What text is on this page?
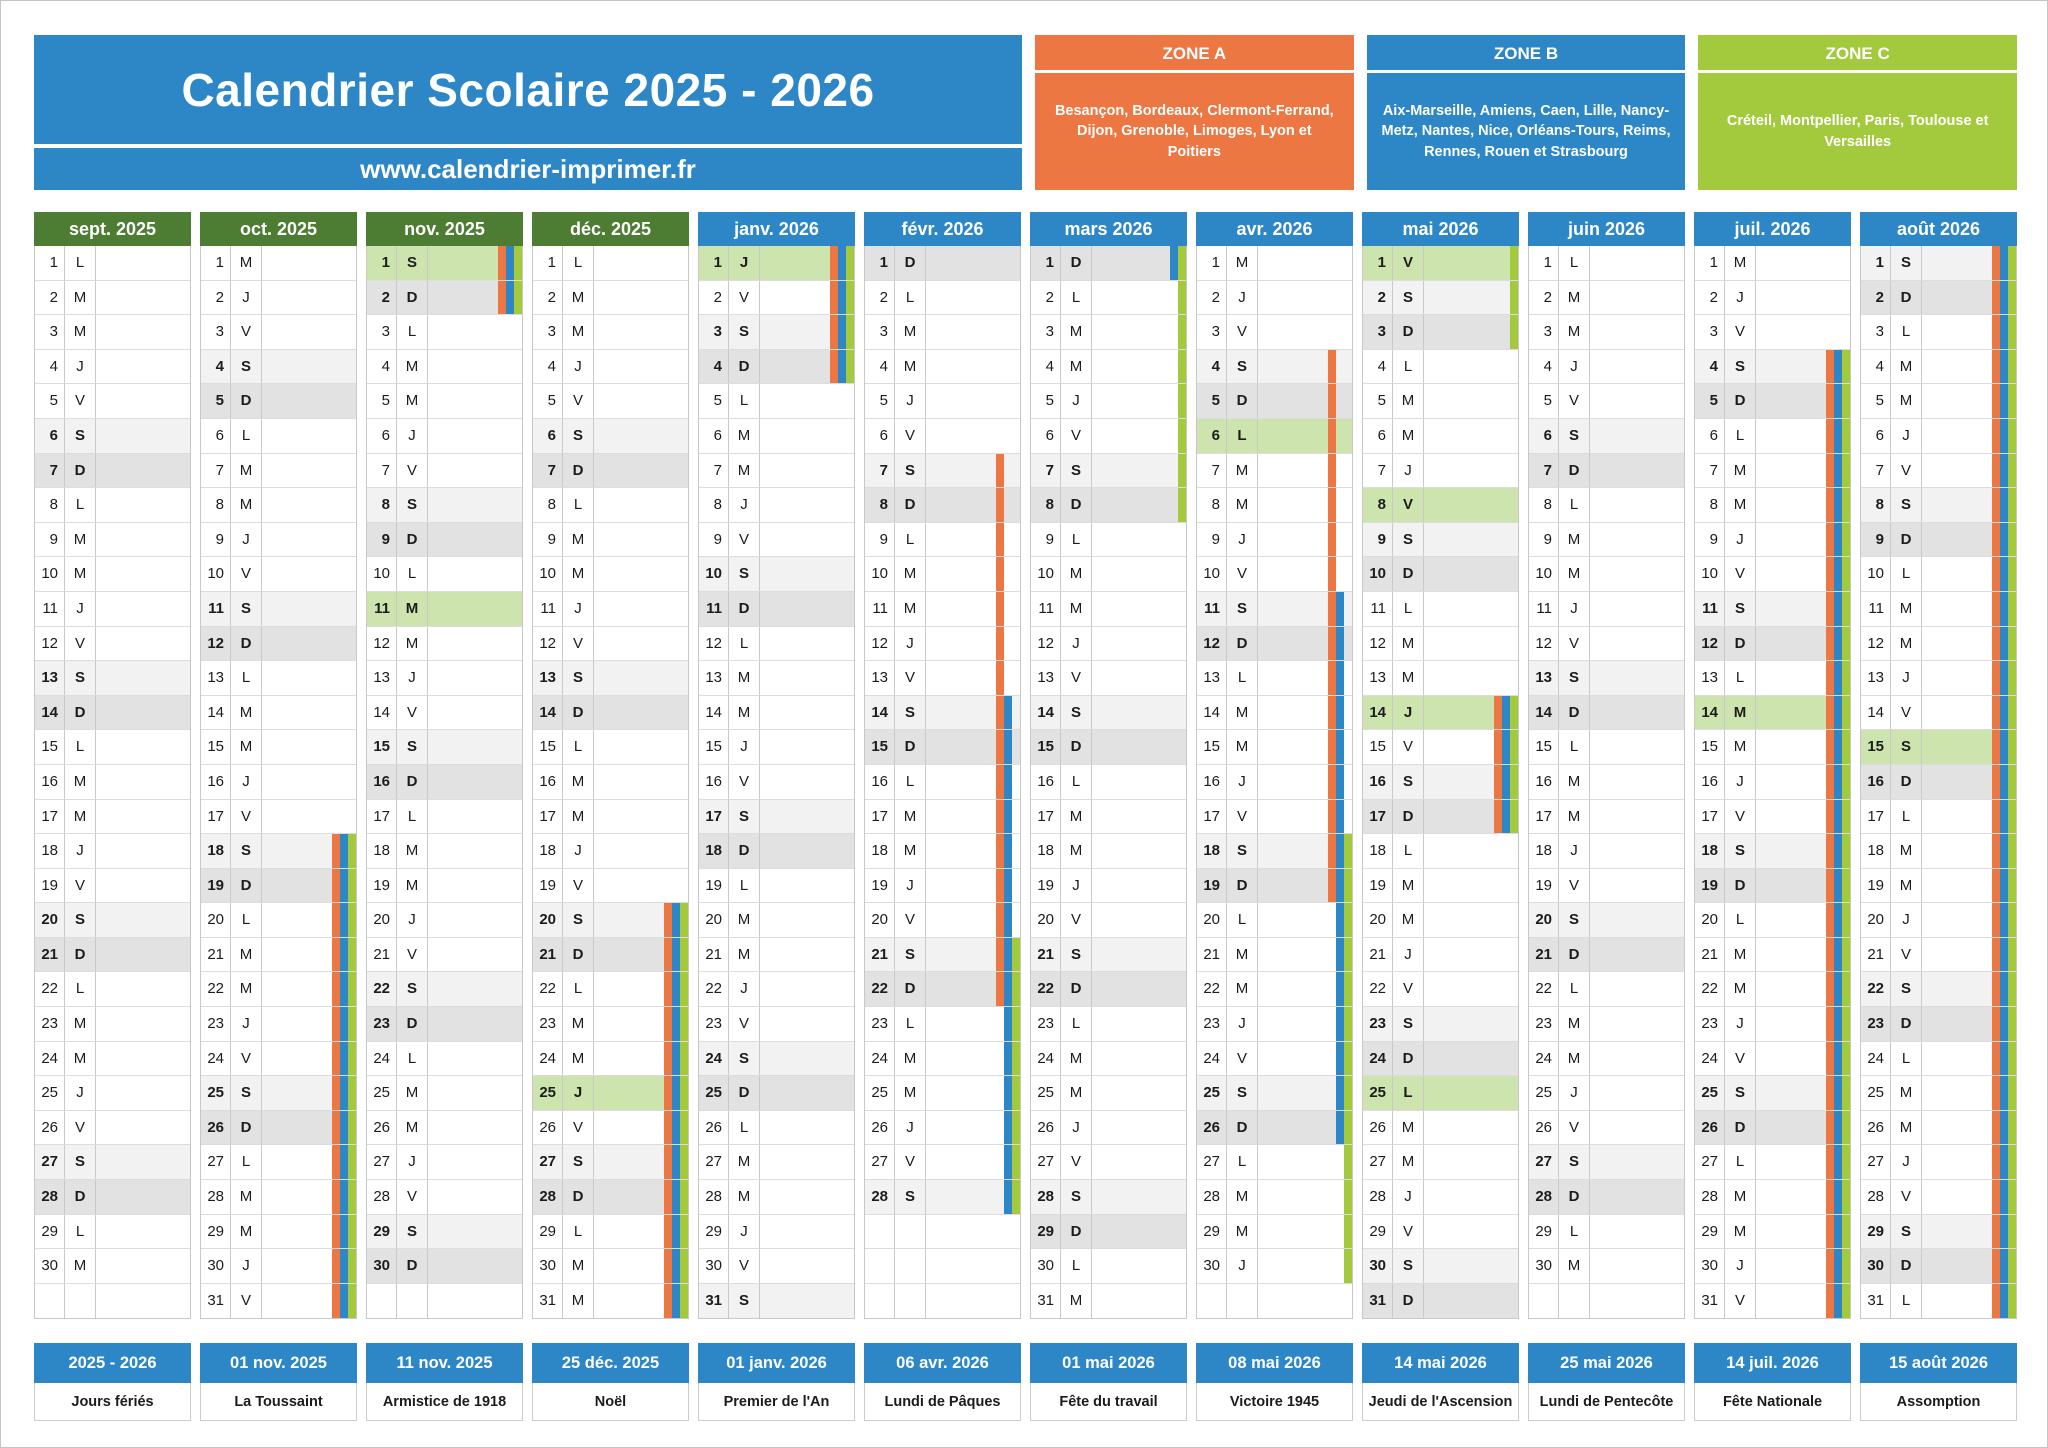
Calendrier Scolaire 2025 - 2026
www.calendrier-imprimer.fr
ZONE A
Besançon, Bordeaux, Clermont-Ferrand, Dijon, Grenoble, Limoges, Lyon et Poitiers
ZONE B
Aix-Marseille, Amiens, Caen, Lille, Nancy-Metz, Nantes, Nice, Orléans-Tours, Reims, Rennes, Rouen et Strasbourg
ZONE C
Créteil, Montpellier, Paris, Toulouse et Versailles
sept. 2025
1	L
2	M
3	M
4	J
5	V
6	S
7	D
8	L
9	M
10	M
11	J
12	V
13	S
14	D
15	L
16	M
17	M
18	J
19	V
20	S
21	D
22	L
23	M
24	M
25	J
26	V
27	S
28	D
29	L
30	M
oct. 2025
1	M
2	J
3	V
4	S
5	D
6	L
7	M
8	M
9	J
10	V
11	S
12	D
13	L
14	M
15	M
16	J
17	V
18	S
19	D
20	L
21	M
22	M
23	J
24	V
25	S
26	D
27	L
28	M
29	M
30	J
31	V
nov. 2025
1	S
2	D
3	L
4	M
5	M
6	J
7	V
8	S
9	D
10	L
11	M
12	M
13	J
14	V
15	S
16	D
17	L
18	M
19	M
20	J
21	V
22	S
23	D
24	L
25	M
26	M
27	J
28	V
29	S
30	D
déc. 2025
1	L
2	M
3	M
4	J
5	V
6	S
7	D
8	L
9	M
10	M
11	J
12	V
13	S
14	D
15	L
16	M
17	M
18	J
19	V
20	S
21	D
22	L
23	M
24	M
25	J
26	V
27	S
28	D
29	L
30	M
31	M
janv. 2026
1	J
2	V
3	S
4	D
5	L
6	M
7	M
8	J
9	V
10	S
11	D
12	L
13	M
14	M
15	J
16	V
17	S
18	D
19	L
20	M
21	M
22	J
23	V
24	S
25	D
26	L
27	M
28	M
29	J
30	V
31	S
févr. 2026
1	D
2	L
3	M
4	M
5	J
6	V
7	S
8	D
9	L
10	M
11	M
12	J
13	V
14	S
15	D
16	L
17	M
18	M
19	J
20	V
21	S
22	D
23	L
24	M
25	M
26	J
27	V
28	S
mars 2026
1	D
2	L
3	M
4	M
5	J
6	V
7	S
8	D
9	L
10	M
11	M
12	J
13	V
14	S
15	D
16	L
17	M
18	M
19	J
20	V
21	S
22	D
23	L
24	M
25	M
26	J
27	V
28	S
29	D
30	L
31	M
avr. 2026
1	M
2	J
3	V
4	S
5	D
6	L
7	M
8	M
9	J
10	V
11	S
12	D
13	L
14	M
15	M
16	J
17	V
18	S
19	D
20	L
21	M
22	M
23	J
24	V
25	S
26	D
27	L
28	M
29	M
30	J
mai 2026
1	V
2	S
3	D
4	L
5	M
6	M
7	J
8	V
9	S
10	D
11	L
12	M
13	M
14	J
15	V
16	S
17	D
18	L
19	M
20	M
21	J
22	V
23	S
24	D
25	L
26	M
27	M
28	J
29	V
30	S
31	D
juin 2026
1	L
2	M
3	M
4	J
5	V
6	S
7	D
8	L
9	M
10	M
11	J
12	V
13	S
14	D
15	L
16	M
17	M
18	J
19	V
20	S
21	D
22	L
23	M
24	M
25	J
26	V
27	S
28	D
29	L
30	M
juil. 2026
1	M
2	J
3	V
4	S
5	D
6	L
7	M
8	M
9	J
10	V
11	S
12	D
13	L
14	M
15	M
16	J
17	V
18	S
19	D
20	L
21	M
22	M
23	J
24	V
25	S
26	D
27	L
28	M
29	M
30	J
31	V
août 2026
1	S
2	D
3	L
4	M
5	M
6	J
7	V
8	S
9	D
10	L
11	M
12	M
13	J
14	V
15	S
16	D
17	L
18	M
19	M
20	J
21	V
22	S
23	D
24	L
25	M
26	M
27	J
28	V
29	S
30	D
31	L
2025 - 2026
Jours fériés
01 nov. 2025
La Toussaint
11 nov. 2025
Armistice de 1918
25 déc. 2025
Noël
01 janv. 2026
Premier de l'An
06 avr. 2026
Lundi de Pâques
01 mai 2026
Fête du travail
08 mai 2026
Victoire 1945
14 mai 2026
Jeudi de l'Ascension
25 mai 2026
Lundi de Pentecôte
14 juil. 2026
Fête Nationale
15 août 2026
Assomption
